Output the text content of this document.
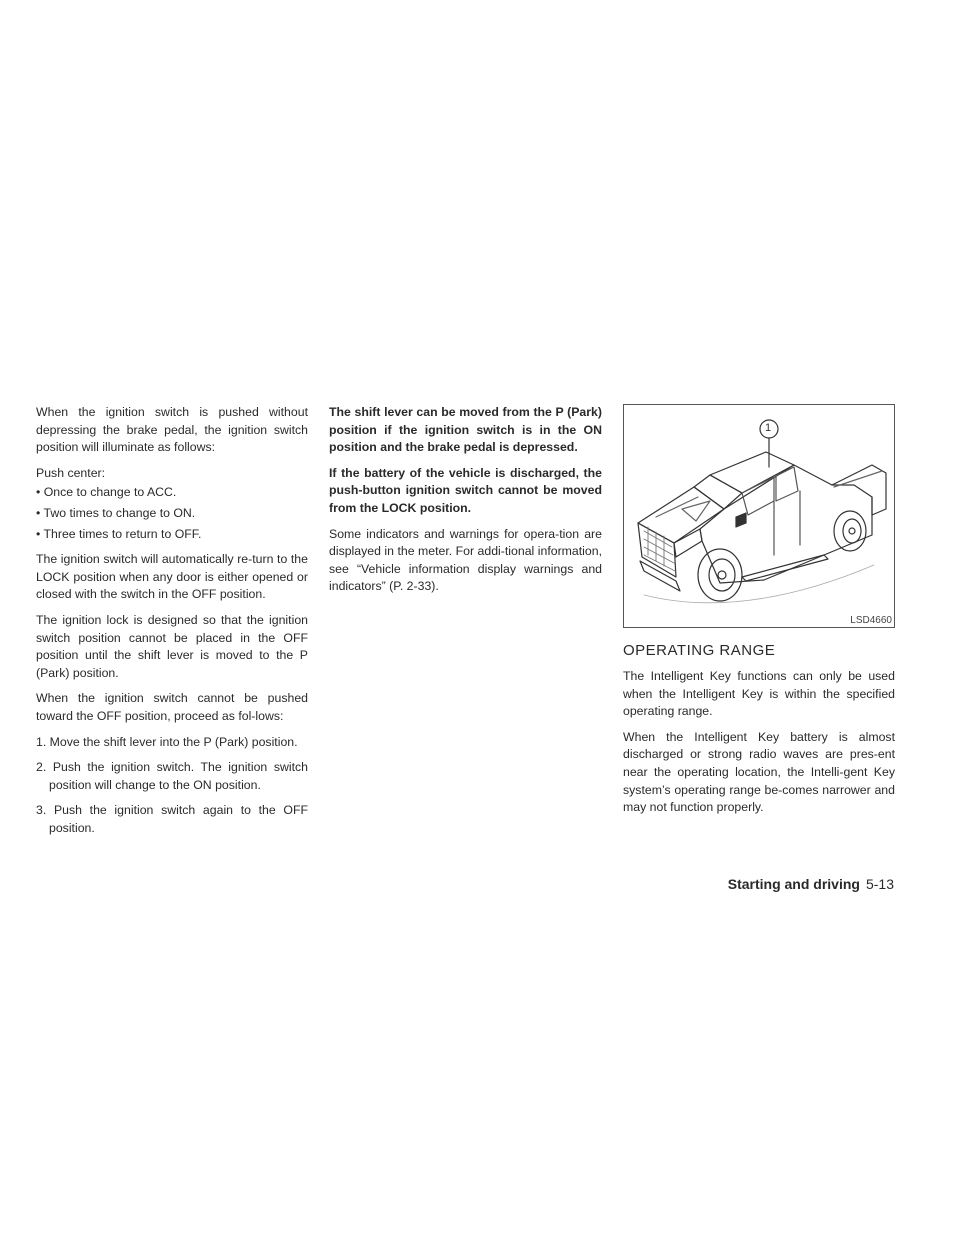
When the ignition switch is pushed without depressing the brake pedal, the ignition switch position will illuminate as follows:

Push center:

• Once to change to ACC.
• Two times to change to ON.
• Three times to return to OFF.

The ignition switch will automatically re-turn to the LOCK position when any door is either opened or closed with the switch in the OFF position.

The ignition lock is designed so that the ignition switch position cannot be placed in the OFF position until the shift lever is moved to the P (Park) position.

When the ignition switch cannot be pushed toward the OFF position, proceed as fol-lows:

1. Move the shift lever into the P (Park) position.
2. Push the ignition switch. The ignition switch position will change to the ON position.
3. Push the ignition switch again to the OFF position.

The shift lever can be moved from the P (Park) position if the ignition switch is in the ON position and the brake pedal is depressed.

If the battery of the vehicle is discharged, the push-button ignition switch cannot be moved from the LOCK position.

Some indicators and warnings for opera-tion are displayed in the meter. For addi-tional information, see “Vehicle information display warnings and indicators” (P. 2-33).

1
LSD4660
OPERATING RANGE

The Intelligent Key functions can only be used when the Intelligent Key is within the specified operating range.

When the Intelligent Key battery is almost discharged or strong radio waves are pres-ent near the operating location, the Intelli-gent Key system’s operating range be-comes narrower and may not function properly.

Starting and driving 5-13
